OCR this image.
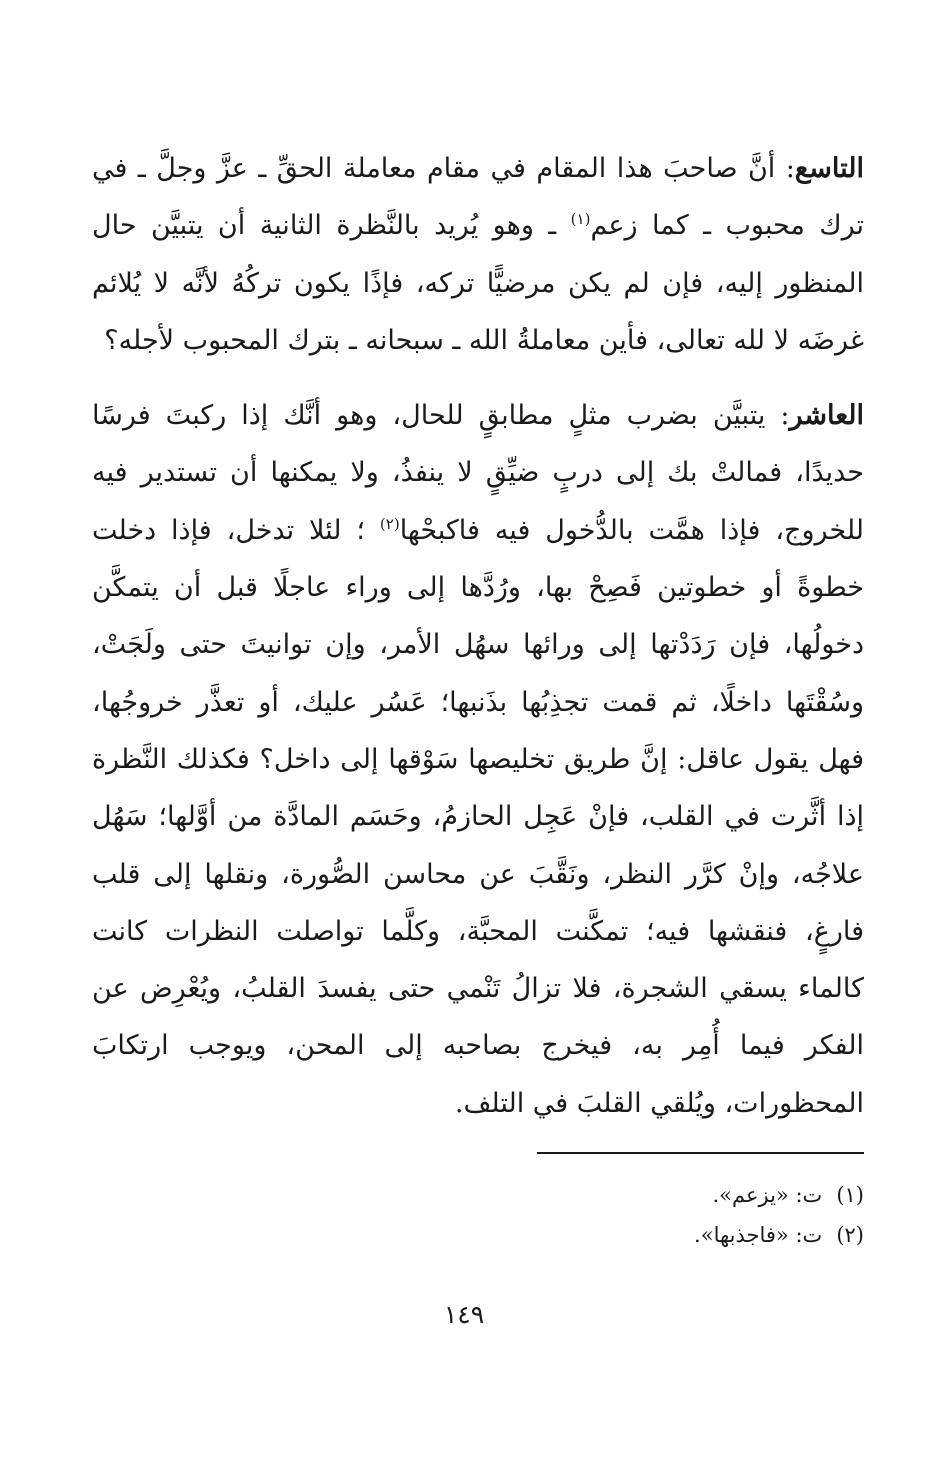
التاسع: أنَّ صاحبَ هذا المقام في مقام معاملة الحقِّ ـ عزَّ وجلَّ ـ في ترك محبوب ـ كما زعم$^{(١)}$ ـ وهو يُريد بالنَّظرة الثانية أن يتبيَّن حال المنظور إليه، فإن لم يكن مرضيًّا تركه، فإذًا يكون تركُهُ لأنَّه لا يُلائم غرضَه لا لله تعالى، فأين معاملةُ الله ـ سبحانه ـ بترك المحبوب لأجله؟

العاشر: يتبيَّن بضرب مثلٍ مطابقٍ للحال، وهو أنَّك إذا ركبتَ فرسًا حديدًا، فمالتْ بك إلى دربٍ ضيِّقٍ لا ينفذُ، ولا يمكنها أن تستدير فيه للخروج، فإذا همَّت بالدُّخول فيه فاكبحْها$^{(٢)}$ ؛ لئلا تدخل، فإذا دخلت خطوةً أو خطوتين فَصِحْ بها، ورُدَّها إلى وراء عاجلًا قبل أن يتمكَّن دخولُها، فإن رَدَدْتها إلى ورائها سهُل الأمر، وإن توانيتَ حتى ولَجَتْ، وسُقْتَها داخلًا، ثم قمت تجذِبُها بذَنبها؛ عَسُر عليك، أو تعذَّر خروجُها، فهل يقول عاقل: إنَّ طريق تخليصها سَوْقها إلى داخل؟ فكذلك النَّظرة إذا أثَّرت في القلب، فإنْ عَجِل الحازمُ، وحَسَم المادَّة من أوَّلها؛ سَهُل علاجُه، وإنْ كرَّر النظر، ونَقَّبَ عن محاسن الصُّورة، ونقلها إلى قلب فارغٍ، فنقشها فيه؛ تمكَّنت المحبَّة، وكلَّما تواصلت النظرات كانت كالماء يسقي الشجرة، فلا تزالُ تَنْمي حتى يفسدَ القلبُ، ويُعْرِض عن الفكر فيما أُمِر به، فيخرج بصاحبه إلى المحن، ويوجب ارتكابَ المحظورات، ويُلقي القلبَ في التلف.

(١)ت: «يزعم».
(٢)ت: «فاجذبها».
١٤٩
